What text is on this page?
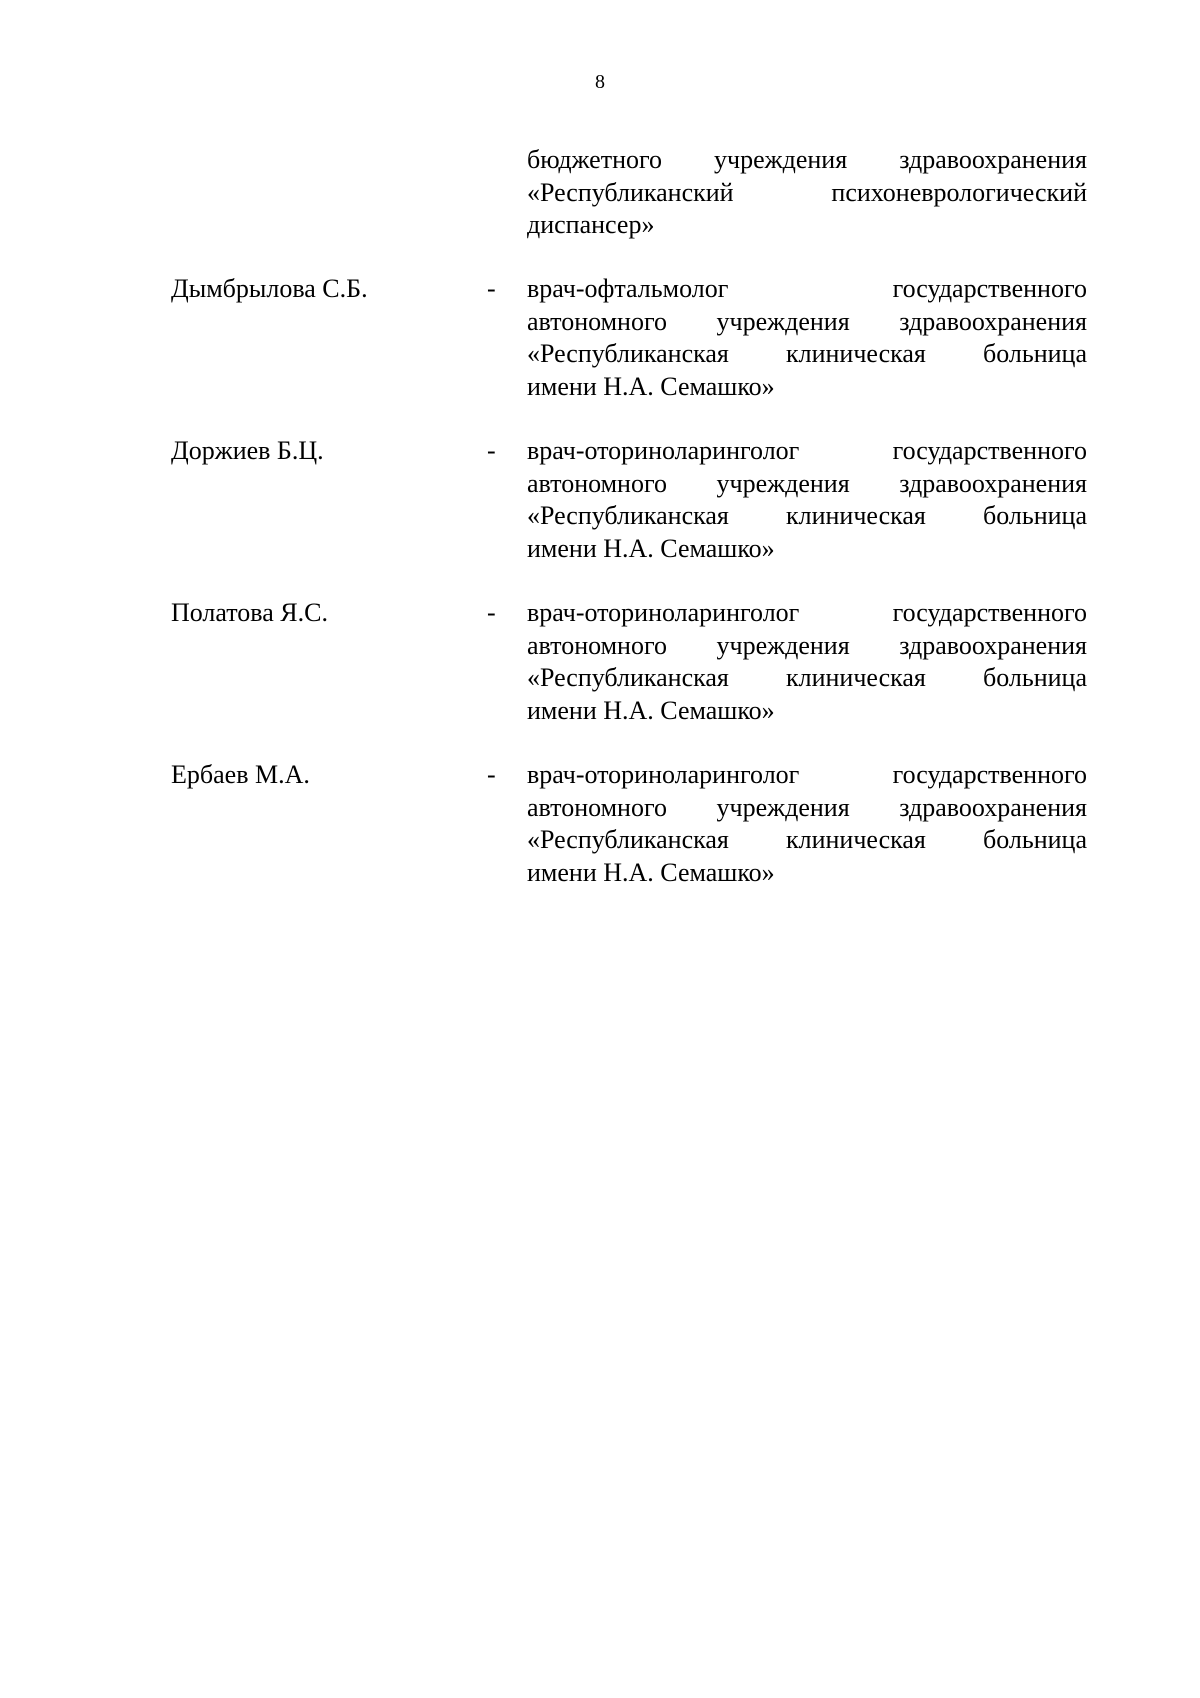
8
бюджетного учреждения здравоохранения
«Республиканский психоневрологический
диспансер»
Дымбрылова С.Б.	- врач-офтальмолог государственного
автономного учреждения здравоохранения
«Республиканская клиническая больница
имени Н.А. Семашко»
Доржиев Б.Ц.	- врач-оториноларинголог государственного
автономного учреждения здравоохранения
«Республиканская клиническая больница
имени Н.А. Семашко»
Полатова Я.С.	- врач-оториноларинголог государственного
автономного учреждения здравоохранения
«Республиканская клиническая больница
имени Н.А. Семашко»
Ербаев М.А.	- врач-оториноларинголог государственного
автономного учреждения здравоохранения
«Республиканская клиническая больница
имени Н.А. Семашко»
